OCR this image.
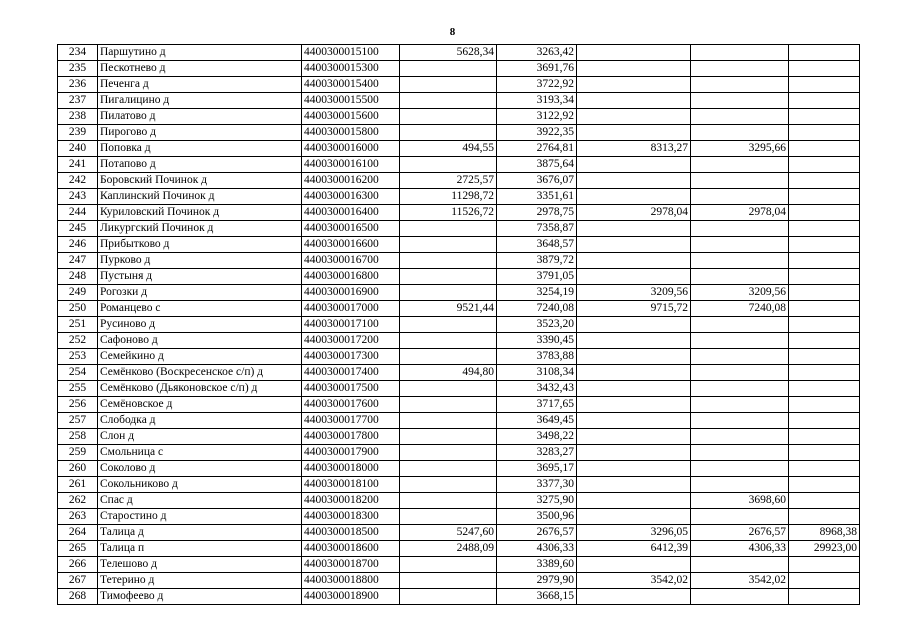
8
234	Паршутино д	4400300015100	5628,34	3263,42			
235	Пескотнево д	4400300015300		3691,76			
236	Печенга д	4400300015400		3722,92			
237	Пигалицино д	4400300015500		3193,34			
238	Пилатово д	4400300015600		3122,92			
239	Пирогово д	4400300015800		3922,35			
240	Поповка д	4400300016000	494,55	2764,81	8313,27	3295,66	
241	Потапово д	4400300016100		3875,64			
242	Боровский Починок д	4400300016200	2725,57	3676,07			
243	Каплинский Починок д	4400300016300	11298,72	3351,61			
244	Куриловский Починок д	4400300016400	11526,72	2978,75	2978,04	2978,04	
245	Ликургский Починок д	4400300016500		7358,87			
246	Прибытково д	4400300016600		3648,57			
247	Пурково д	4400300016700		3879,72			
248	Пустыня д	4400300016800		3791,05			
249	Рогозки д	4400300016900		3254,19	3209,56	3209,56	
250	Романцево с	4400300017000	9521,44	7240,08	9715,72	7240,08	
251	Русиново д	4400300017100		3523,20			
252	Сафоново д	4400300017200		3390,45			
253	Семейкино д	4400300017300		3783,88			
254	Семёнково (Воскресенское с/п) д	4400300017400	494,80	3108,34			
255	Семёнково (Дьяконовское с/п) д	4400300017500		3432,43			
256	Семёновское д	4400300017600		3717,65			
257	Слободка д	4400300017700		3649,45			
258	Слон д	4400300017800		3498,22			
259	Смольница с	4400300017900		3283,27			
260	Соколово д	4400300018000		3695,17			
261	Сокольниково д	4400300018100		3377,30			
262	Спас д	4400300018200		3275,90		3698,60	
263	Старостино д	4400300018300		3500,96			
264	Талица д	4400300018500	5247,60	2676,57	3296,05	2676,57	8968,38
265	Талица п	4400300018600	2488,09	4306,33	6412,39	4306,33	29923,00
266	Телешово д	4400300018700		3389,60			
267	Тетерино д	4400300018800		2979,90	3542,02	3542,02	
268	Тимофеево д	4400300018900		3668,15			
